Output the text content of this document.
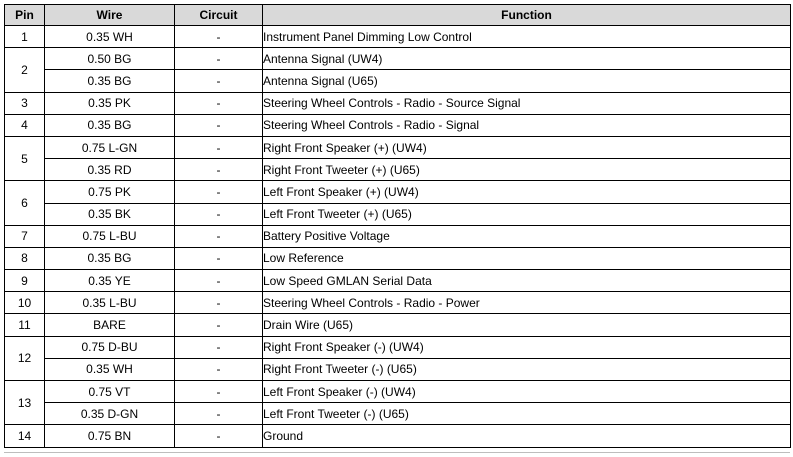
Pin	Wire	Circuit	Function
1	0.35 WH	-	Instrument Panel Dimming Low Control
2	0.50 BG	-	Antenna Signal (UW4)
	0.35 BG	-	Antenna Signal (U65)
3	0.35 PK	-	Steering Wheel Controls - Radio - Source Signal
4	0.35 BG	-	Steering Wheel Controls - Radio - Signal
5	0.75 L-GN	-	Right Front Speaker (+) (UW4)
	0.35 RD	-	Right Front Tweeter (+) (U65)
6	0.75 PK	-	Left Front Speaker (+) (UW4)
	0.35 BK	-	Left Front Tweeter (+) (U65)
7	0.75 L-BU	-	Battery Positive Voltage
8	0.35 BG	-	Low Reference
9	0.35 YE	-	Low Speed GMLAN Serial Data
10	0.35 L-BU	-	Steering Wheel Controls - Radio - Power
11	BARE	-	Drain Wire (U65)
12	0.75 D-BU	-	Right Front Speaker (-) (UW4)
	0.35 WH	-	Right Front Tweeter (-) (U65)
13	0.75 VT	-	Left Front Speaker (-) (UW4)
	0.35 D-GN	-	Left Front Tweeter (-) (U65)
14	0.75 BN	-	Ground
